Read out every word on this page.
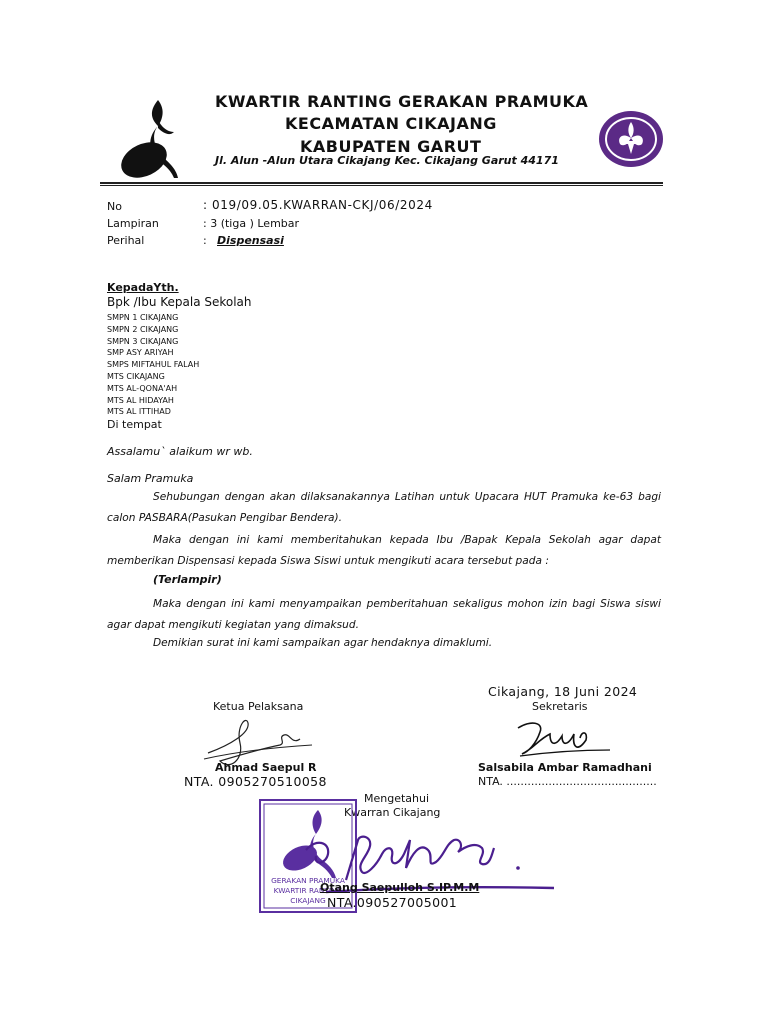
KWARTIR RANTING GERAKAN PRAMUKA
KECAMATAN CIKAJANG
KABUPATEN GARUT
Jl. Alun -Alun Utara Cikajang Kec. Cikajang Garut 44171
No	: 019/09.05.KWARRAN-CKJ/06/2024
Lampiran	: 3 (tiga ) Lembar
Perihal	: Dispensasi
KepadaYth.
Bpk /Ibu Kepala Sekolah
SMPN 1 CIKAJANG
SMPN 2 CIKAJANG
SMPN 3 CIKAJANG
SMP ASY ARIYAH
SMPS MIFTAHUL FALAH
MTS CIKAJANG
MTS AL-QONA'AH
MTS AL HIDAYAH
MTS AL ITTIHAD
Di tempat
Assalamu` alaikum wr wb.
Salam Pramuka
Sehubungan dengan akan dilaksanakannya Latihan untuk Upacara HUT Pramuka ke-63 bagi calon PASBARA(Pasukan Pengibar Bendera).
Maka dengan ini kami memberitahukan kepada Ibu /Bapak Kepala Sekolah agar dapat memberikan Dispensasi kepada Siswa Siswi untuk mengikuti acara tersebut pada :
(Terlampir)
Maka dengan ini kami menyampaikan pemberitahuan sekaligus mohon izin bagi Siswa siswi agar dapat mengikuti kegiatan yang dimaksud.
Demikian surat ini kami sampaikan agar hendaknya dimaklumi.
Cikajang, 18 Juni 2024
Ketua Pelaksana	Sekretaris
Ahmad Saepul R
NTA. 0905270510058
Salsabila Ambar Ramadhani
NTA. ...........................................
Mengetahui
Kwarran Cikajang
GERAKAN PRAMUKA
KWARTIR RANTING
CIKAJANG
Otang Saepulloh S.IP.M.M
NTA.090527005001
